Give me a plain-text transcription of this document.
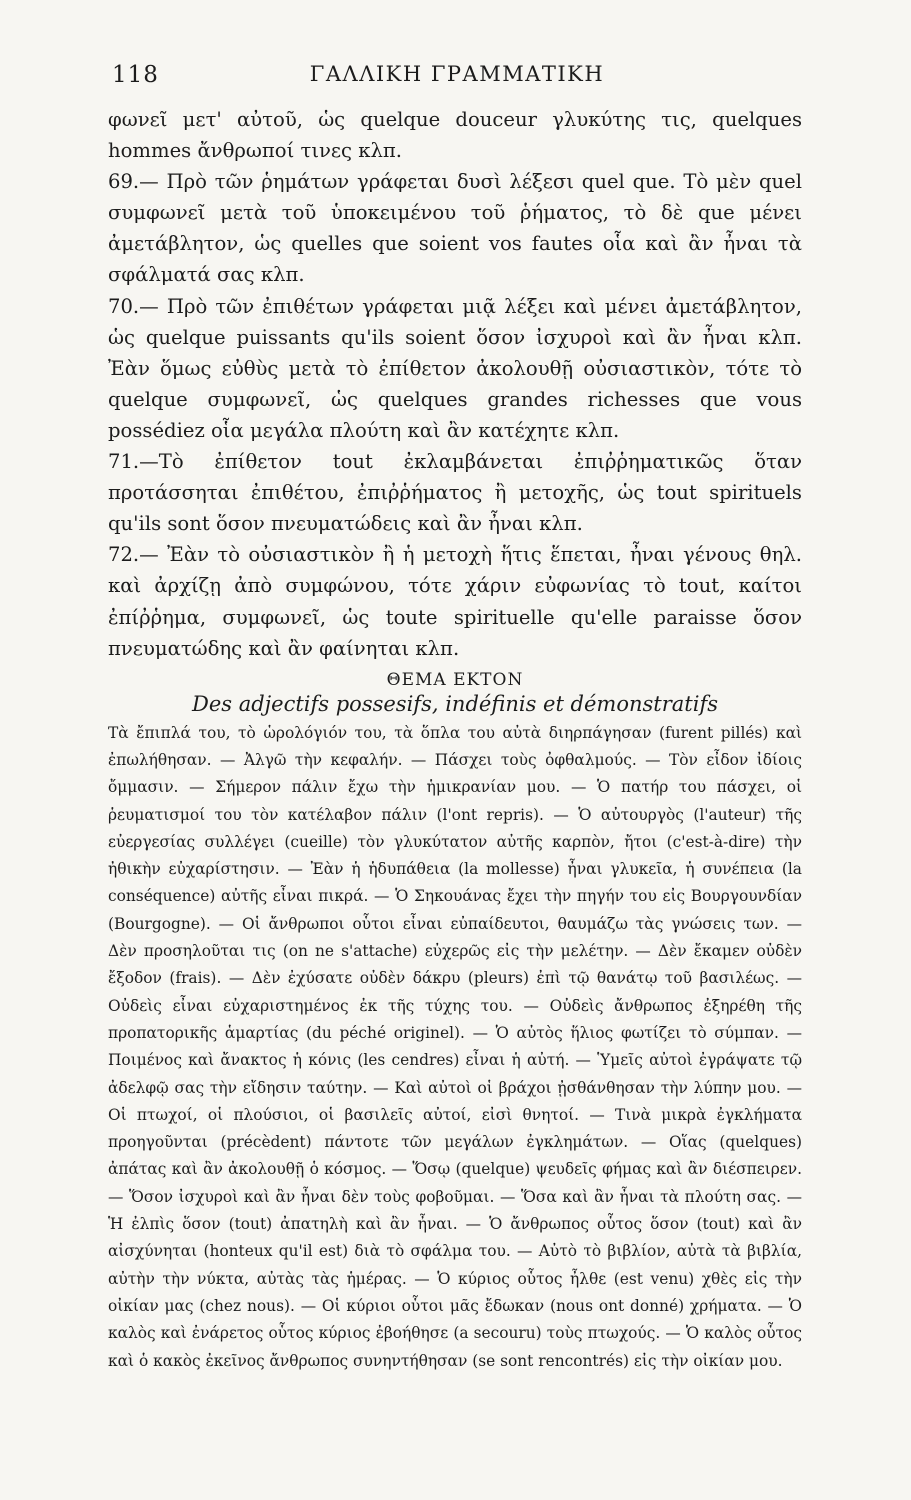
118	ΓΑΛΛΙΚΗ ΓΡΑΜΜΑΤΙΚΗ

φωνεῖ μετ' αὐτοῦ, ὡς quelque douceur γλυκύτης τις, quelques hommes ἄνθρωποί τινες κλπ.

69.— Πρὸ τῶν ῥημάτων γράφεται δυσὶ λέξεσι quel que. Τὸ μὲν quel συμφωνεῖ μετὰ τοῦ ὑποκειμένου τοῦ ῥήματος, τὸ δὲ que μένει ἀμετάβλητον, ὡς quelles que soient vos fautes οἷα καὶ ἂν ἦναι τὰ σφάλματά σας κλπ.

70.— Πρὸ τῶν ἐπιθέτων γράφεται μιᾷ λέξει καὶ μένει ἀμετάβλητον, ὡς quelque puissants qu'ils soient ὅσον ἰσχυροὶ καὶ ἂν ἦναι κλπ. Ἐὰν ὅμως εὐθὺς μετὰ τὸ ἐπίθετον ἀκολουθῇ οὐσιαστικὸν, τότε τὸ quelque συμφωνεῖ, ὡς quelques grandes richesses que vous possédiez οἷα μεγάλα πλούτη καὶ ἂν κατέχητε κλπ.

71.—Τὸ ἐπίθετον tout ἐκλαμβάνεται ἐπιῤῥηματικῶς ὅταν προτάσσηται ἐπιθέτου, ἐπιῤῥήματος ἢ μετοχῆς, ὡς tout spirituels qu'ils sont ὅσον πνευματώδεις καὶ ἂν ἦναι κλπ.

72.— Ἐὰν τὸ οὐσιαστικὸν ἢ ἡ μετοχὴ ἥτις ἕπεται, ἦναι γένους θηλ. καὶ ἀρχίζῃ ἀπὸ συμφώνου, τότε χάριν εὐφωνίας τὸ tout, καίτοι ἐπίῤῥημα, συμφωνεῖ, ὡς toute spirituelle qu'elle paraisse ὅσον πνευματώδης καὶ ἂν φαίνηται κλπ.

ΘΕΜΑ ΕΚΤΟΝ
Des adjectifs possesifs, indéfinis et démonstratifs

Τὰ ἔπιπλά του, τὸ ὡρολόγιόν του, τὰ ὅπλα του αὐτὰ διηρπάγησαν (furent pillés) καὶ ἐπωλήθησαν. — Ἀλγῶ τὴν κεφαλήν. — Πάσχει τοὺς ὀφθαλμούς. — Τὸν εἶδον ἰδίοις ὄμμασιν. — Σήμερον πάλιν ἔχω τὴν ἡμικρανίαν μου. — Ὁ πατήρ του πάσχει, οἱ ῥευματισμοί του τὸν κατέλαβον πάλιν (l'ont repris). — Ὁ αὐτουργὸς (l'auteur) τῆς εὐεργεσίας συλλέγει (cueille) τὸν γλυκύτατον αὐτῆς καρπὸν, ἤτοι (c'est-à-dire) τὴν ἠθικὴν εὐχαρίστησιν. — Ἐὰν ἡ ἡδυπάθεια (la mollesse) ἦναι γλυκεῖα, ἡ συνέπεια (la conséquence) αὐτῆς εἶναι πικρά. — Ὁ Σηκουάνας ἔχει τὴν πηγήν του εἰς Βουργουνδίαν (Bourgogne). — Οἱ ἄνθρωποι οὗτοι εἶναι εὐπαίδευτοι, θαυμάζω τὰς γνώσεις των. — Δὲν προσηλοῦται τις (on ne s'attache) εὐχερῶς εἰς τὴν μελέτην. — Δὲν ἔκαμεν οὐδὲν ἔξοδον (frais). — Δὲν ἐχύσατε οὐδὲν δάκρυ (pleurs) ἐπὶ τῷ θανάτῳ τοῦ βασιλέως. — Οὐδεὶς εἶναι εὐχαριστημένος ἐκ τῆς τύχης του. — Οὐδεὶς ἄνθρωπος ἐξηρέθη τῆς προπατορικῆς ἁμαρτίας (du péché originel). — Ὁ αὐτὸς ἥλιος φωτίζει τὸ σύμπαν. — Ποιμένος καὶ ἄνακτος ἡ κόνις (les cendres) εἶναι ἡ αὐτή. — Ὑμεῖς αὐτοὶ ἐγράψατε τῷ ἀδελφῷ σας τὴν εἴδησιν ταύτην. — Καὶ αὐτοὶ οἱ βράχοι ᾐσθάνθησαν τὴν λύπην μου. — Οἱ πτωχοί, οἱ πλούσιοι, οἱ βασιλεῖς αὐτοί, εἰσὶ θνητοί. — Τινὰ μικρὰ ἐγκλήματα προηγοῦνται (précèdent) πάντοτε τῶν μεγάλων ἐγκλημάτων. — Οἵας (quelques) ἀπάτας καὶ ἂν ἀκολουθῇ ὁ κόσμος. — Ὅσῳ (quelque) ψευδεῖς φήμας καὶ ἂν διέσπειρεν. — Ὅσον ἰσχυροὶ καὶ ἂν ἦναι δὲν τοὺς φοβοῦμαι. — Ὅσα καὶ ἂν ἦναι τὰ πλούτη σας. — Ἡ ἐλπὶς ὅσον (tout) ἀπατηλὴ καὶ ἂν ἦναι. — Ὁ ἄνθρωπος οὗτος ὅσον (tout) καὶ ἂν αἰσχύνηται (honteux qu'il est) διὰ τὸ σφάλμα του. — Αὐτὸ τὸ βιβλίον, αὐτὰ τὰ βιβλία, αὐτὴν τὴν νύκτα, αὐτὰς τὰς ἡμέρας. — Ὁ κύριος οὗτος ἦλθε (est venu) χθὲς εἰς τὴν οἰκίαν μας (chez nous). — Οἱ κύριοι οὗτοι μᾶς ἔδωκαν (nous ont donné) χρήματα. — Ὁ καλὸς καὶ ἐνάρετος οὗτος κύριος ἐβοήθησε (a secouru) τοὺς πτωχούς. — Ὁ καλὸς οὗτος καὶ ὁ κακὸς ἐκεῖνος ἄνθρωπος συνηντήθησαν (se sont rencontrés) εἰς τὴν οἰκίαν μου.
